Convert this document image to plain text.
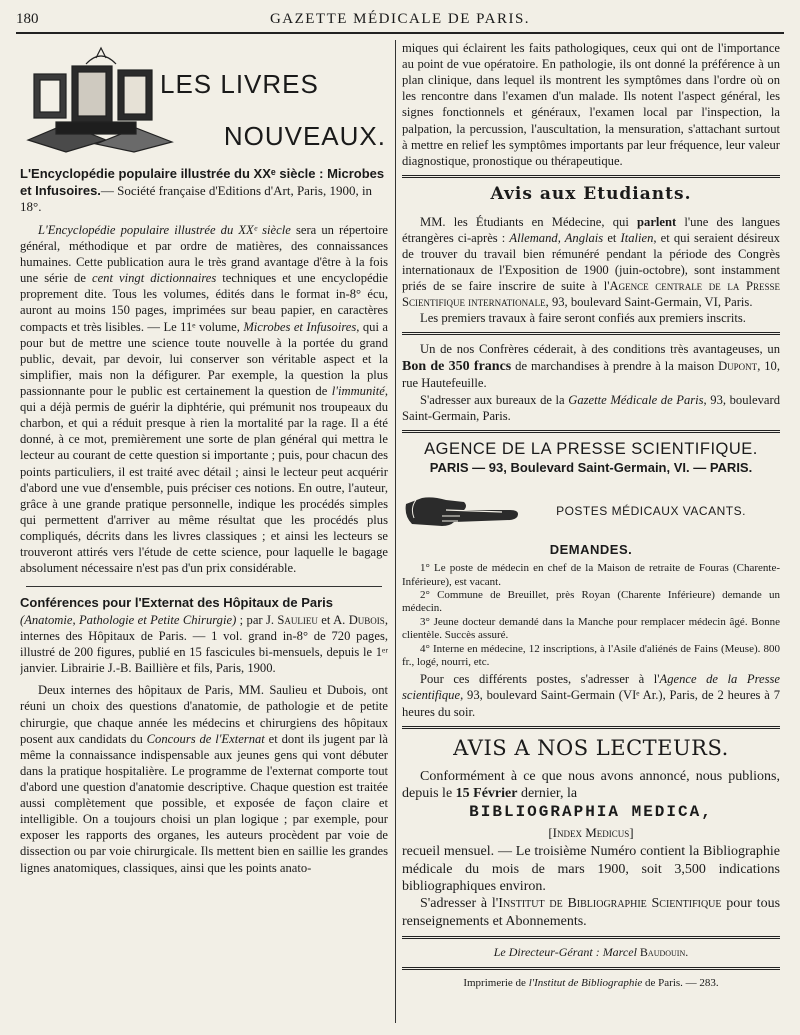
180	GAZETTE MÉDICALE DE PARIS.
LES LIVRES
NOUVEAUX.
L'Encyclopédie populaire illustrée du XXᵉ siècle : Microbes et Infusoires.— Société française d'Editions d'Art, Paris, 1900, in 18°.

L'Encyclopédie populaire illustrée du XXᵉ siècle sera un répertoire général, méthodique et par ordre de matières, des connaissances humaines. Cette publication aura le très grand avantage d'être à la fois une série de cent vingt dictionnaires techniques et une encyclopédie proprement dite. Tous les volumes, édités dans le format in-8° écu, auront au moins 150 pages, imprimées sur beau papier, en caractères compacts et très lisibles. — Le 11ᵉ volume, Microbes et Infusoires, qui a pour but de mettre une science toute nouvelle à la portée du grand public, devait, par devoir, lui conserver son véritable aspect et la simplifier, mais non la défigurer. Par exemple, la question la plus passionnante pour le public est certainement la question de l'immunité, qui a déjà permis de guérir la diphtérie, qui prémunit nos troupeaux du charbon, et qui a réduit presque à rien la mortalité par la rage. Il a été donné, à ce mot, premièrement une sorte de plan général qui mettra le lecteur au courant de cette question si importante ; puis, pour chacun des points particuliers, il est traité avec détail ; ainsi le lecteur peut acquérir d'abord une vue d'ensemble, puis préciser ces notions. En outre, l'auteur, grâce à une grande pratique personnelle, indique les procédés simples qui permettent d'arriver au même résultat que les procédés plus compliqués, décrits dans les livres classiques ; et ainsi les lecteurs se trouveront attirés vers l'étude de cette science, pour laquelle le bagage absolument nécessaire n'est pas d'un prix considérable.

Conférences pour l'Externat des Hôpitaux de Paris

(Anatomie, Pathologie et Petite Chirurgie) ; par J. Saulieu et A. Dubois, internes des Hôpitaux de Paris. — 1 vol. grand in-8° de 720 pages, illustré de 200 figures, publié en 15 fascicules bi-mensuels, depuis le 1ᵉʳ janvier. Librairie J.-B. Baillière et fils, Paris, 1900.

Deux internes des hôpitaux de Paris, MM. Saulieu et Dubois, ont réuni un choix des questions d'anatomie, de pathologie et de petite chirurgie, que chaque année les médecins et chirurgiens des hôpitaux posent aux candidats du Concours de l'Externat et dont ils jugent par là même la connaissance indispensable aux jeunes gens qui vont débuter dans la pratique hospitalière. Le programme de l'externat comporte tout d'abord une question d'anatomie descriptive. Chaque question est traitée aussi complètement que possible, et exposée de façon claire et intelligible. On a toujours choisi un plan logique ; par exemple, pour exposer les rapports des organes, les auteurs procèdent par voie de dissection ou par voie chirurgicale. Ils mettent bien en saillie les grandes lignes anatomiques, classiques, ainsi que les points anato-

miques qui éclairent les faits pathologiques, ceux qui ont de l'importance au point de vue opératoire. En pathologie, ils ont donné la préférence à un plan clinique, dans lequel ils montrent les symptômes dans l'ordre où on les rencontre dans l'examen d'un malade. Ils notent l'aspect général, les signes fonctionnels et généraux, l'examen local par l'inspection, la palpation, la percussion, l'auscultation, la mensuration, s'attachant surtout à mettre en relief les symptômes importants par leur fréquence, leur valeur diagnostique, pronostique ou thérapeutique.

Avis aux Etudiants.

MM. les Étudiants en Médecine, qui parlent l'une des langues étrangères ci-après : Allemand, Anglais et Italien, et qui seraient désireux de trouver du travail bien rémunéré pendant la période des Congrès internationaux de l'Exposition de 1900 (juin-octobre), sont instamment priés de se faire inscrire de suite à l'Agence centrale de la Presse Scientifique internationale, 93, boulevard Saint-Germain, VI, Paris.

Les premiers travaux à faire seront confiés aux premiers inscrits.

Un de nos Confrères céderait, à des conditions très avantageuses, un Bon de 350 francs de marchandises à prendre à la maison Dupont, 10, rue Hautefeuille.

S'adresser aux bureaux de la Gazette Médicale de Paris, 93, boulevard Saint-Germain, Paris.

AGENCE DE LA PRESSE SCIENTIFIQUE.
PARIS — 93, Boulevard Saint-Germain, VI. — PARIS.
POSTES MÉDICAUX VACANTS.
DEMANDES.

1° Le poste de médecin en chef de la Maison de retraite de Fouras (Charente-Inférieure), est vacant.

2° Commune de Breuillet, près Royan (Charente Inférieure) demande un médecin.

3° Jeune docteur demandé dans la Manche pour remplacer médecin âgé. Bonne clientèle. Succès assuré.

4° Interne en médecine, 12 inscriptions, à l'Asile d'aliénés de Fains (Meuse). 800 fr., logé, nourri, etc.

Pour ces différents postes, s'adresser à l'Agence de la Presse scientifique, 93, boulevard Saint-Germain (VIᵉ Ar.), Paris, de 2 heures à 7 heures du soir.

AVIS A NOS LECTEURS.

Conformément à ce que nous avons annoncé, nous publions, depuis le 15 Février dernier, la

BIBLIOGRAPHIA MEDICA,
[Index Medicus]

recueil mensuel. — Le troisième Numéro contient la Bibliographie médicale du mois de mars 1900, soit 3,500 indications bibliographiques environ.

S'adresser à l'Institut de Bibliographie Scientifique pour tous renseignements et Abonnements.

Le Directeur-Gérant : Marcel Baudouin.
Imprimerie de l'Institut de Bibliographie de Paris. — 283.
